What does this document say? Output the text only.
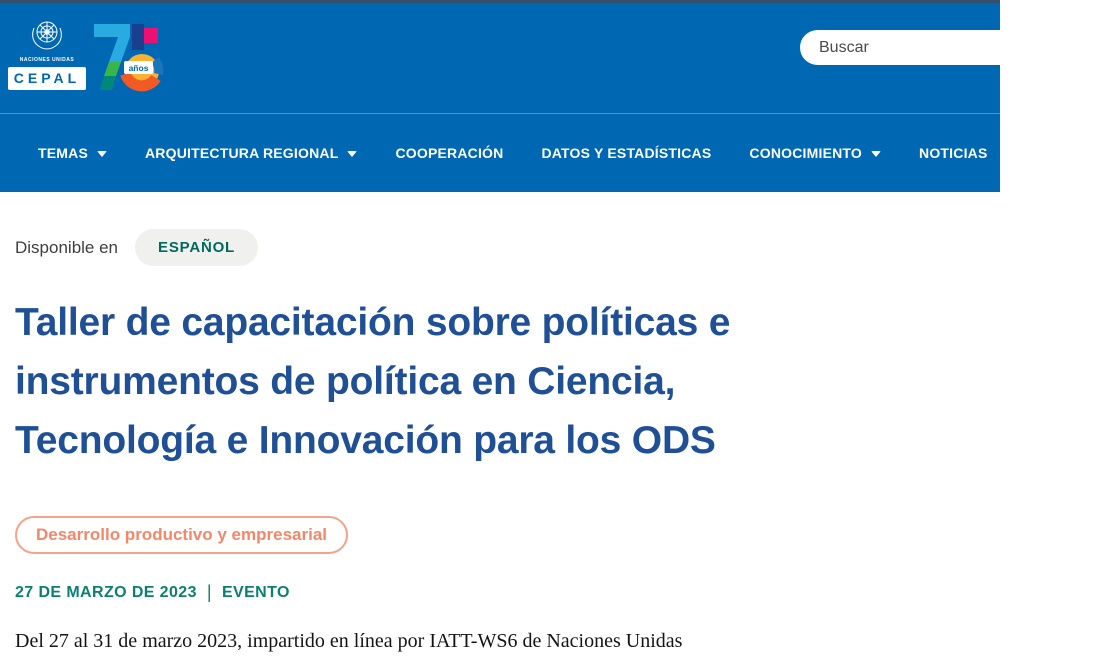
NACIONES UNIDAS
CEPAL
años
Buscar
TEMAS	ARQUITECTURA REGIONAL	COOPERACIÓN	DATOS Y ESTADÍSTICAS	CONOCIMIENTO	NOTICIAS	EVENTOS
Disponible en	ESPAÑOL
Taller de capacitación sobre políticas e
instrumentos de política en Ciencia,
Tecnología e Innovación para los ODS
Desarrollo productivo y empresarial
27 DE MARZO DE 2023 | EVENTO

Del 27 al 31 de marzo 2023, impartido en línea por IATT-WS6 de Naciones Unidas
